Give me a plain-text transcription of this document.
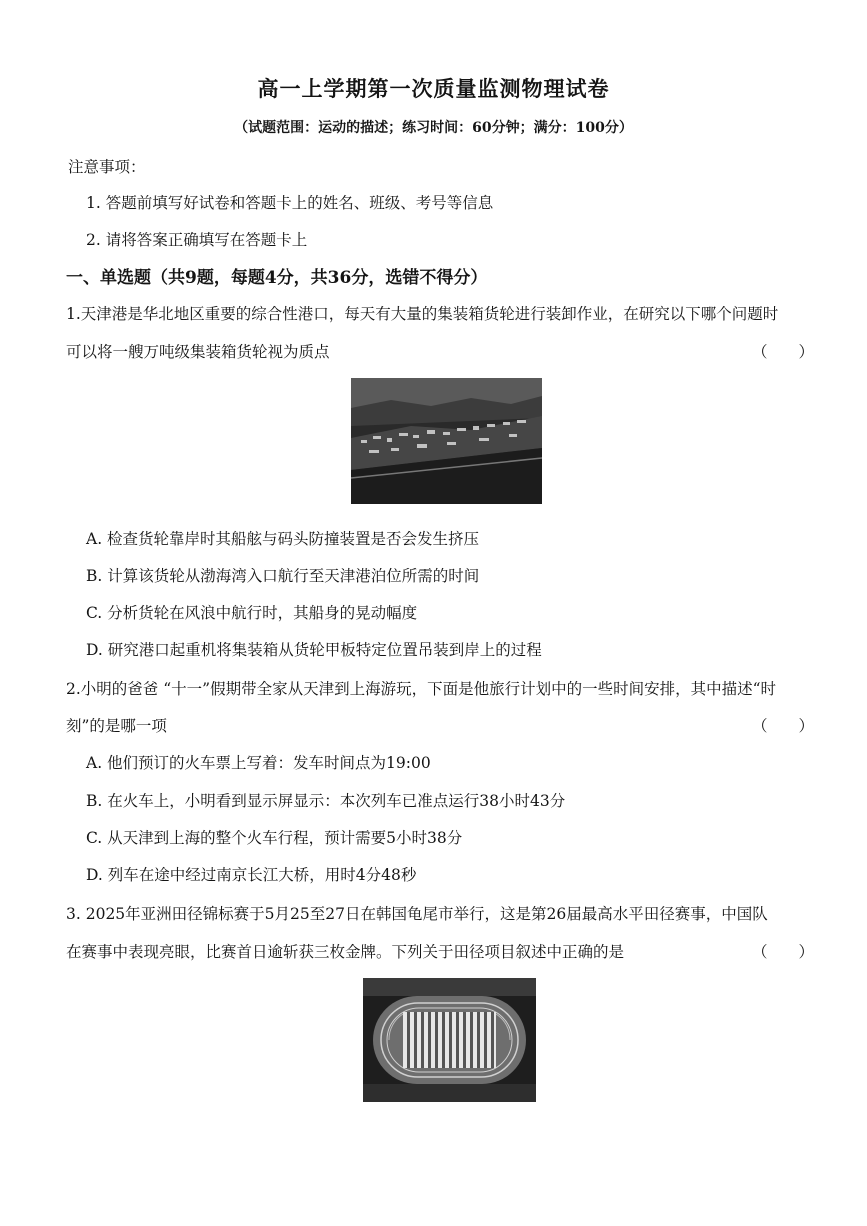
高一上学期第一次质量监测物理试卷
（试题范围：运动的描述；练习时间：60分钟；满分：100分）
注意事项：
1. 答题前填写好试卷和答题卡上的姓名、班级、考号等信息
2. 请将答案正确填写在答题卡上
一、单选题（共9题，每题4分，共36分，选错不得分）
1.天津港是华北地区重要的综合性港口，每天有大量的集装箱货轮进行装卸作业，在研究以下哪个问题时
可以将一艘万吨级集装箱货轮视为质点	（　　）
A. 检查货轮靠岸时其船舷与码头防撞装置是否会发生挤压
B. 计算该货轮从渤海湾入口航行至天津港泊位所需的时间
C. 分析货轮在风浪中航行时，其船身的晃动幅度
D. 研究港口起重机将集装箱从货轮甲板特定位置吊装到岸上的过程
2.小明的爸爸 “十一”假期带全家从天津到上海游玩，下面是他旅行计划中的一些时间安排，其中描述“时
刻”的是哪一项	（　　）
A. 他们预订的火车票上写着：发车时间点为19:00
B. 在火车上，小明看到显示屏显示：本次列车已准点运行38小时43分
C. 从天津到上海的整个火车行程，预计需要5小时38分
D. 列车在途中经过南京长江大桥，用时4分48秒
3. 2025年亚洲田径锦标赛于5月25至27日在韩国龟尾市举行，这是第26届最高水平田径赛事，中国队
在赛事中表现亮眼，比赛首日逾斩获三枚金牌。下列关于田径项目叙述中正确的是	（　　）
